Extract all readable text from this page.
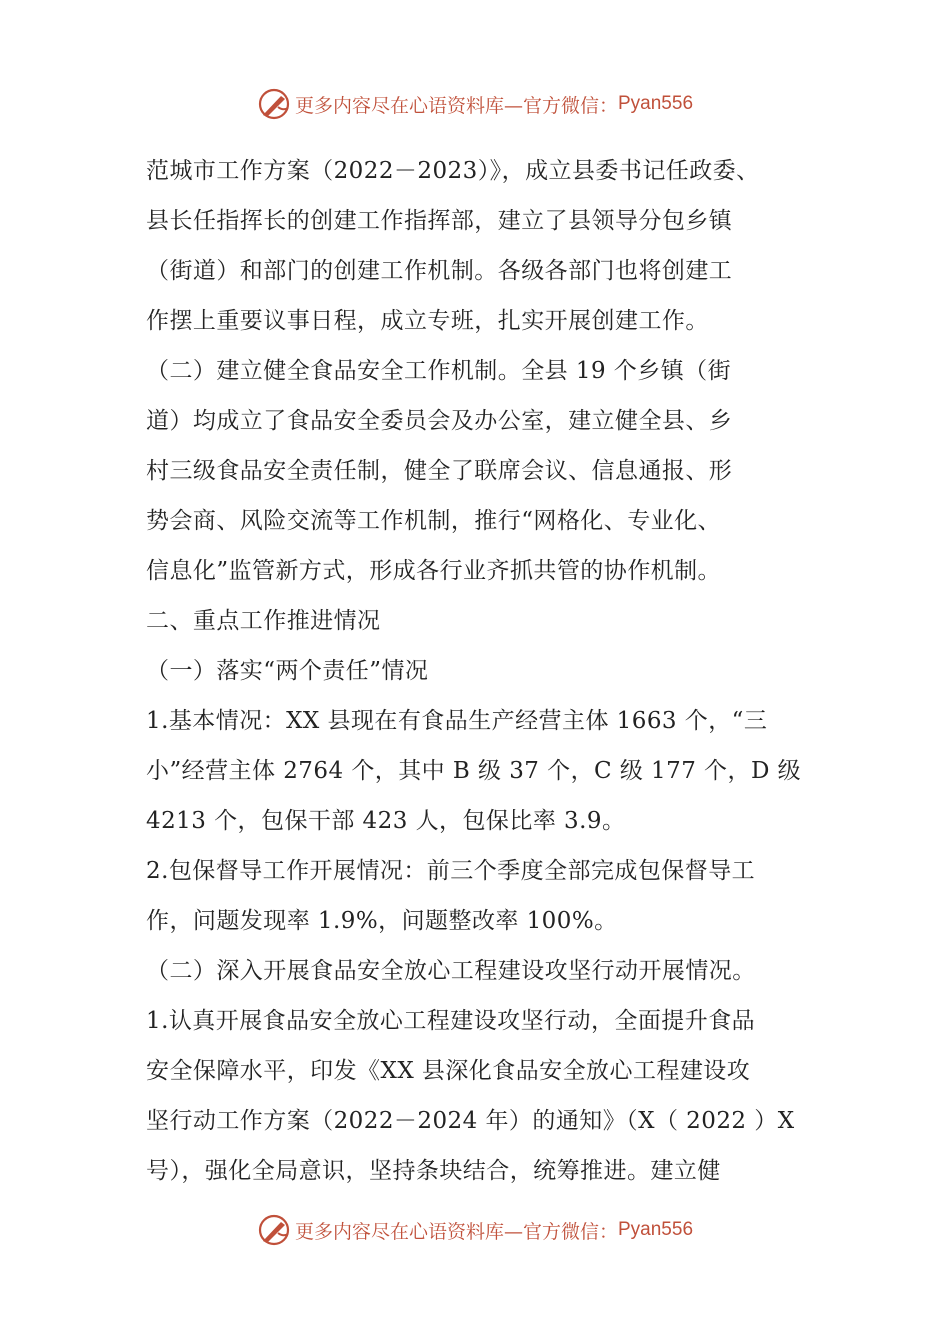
更多内容尽在心语资料库—官方微信： Pyan556
范城市工作方案（2022－2023）》，成立县委书记任政委、
县长任指挥长的创建工作指挥部，建立了县领导分包乡镇
（街道）和部门的创建工作机制。各级各部门也将创建工
作摆上重要议事日程，成立专班，扎实开展创建工作。
（二）建立健全食品安全工作机制。全县 19 个乡镇（街
道）均成立了食品安全委员会及办公室，建立健全县、乡
村三级食品安全责任制，健全了联席会议、信息通报、形
势会商、风险交流等工作机制，推行“网格化、专业化、
信息化”监管新方式，形成各行业齐抓共管的协作机制。
二、重点工作推进情况
（一）落实“两个责任”情况
1.基本情况：XX 县现在有食品生产经营主体 1663 个，“三
小”经营主体 2764 个，其中 B 级 37 个，C 级 177 个，D 级
4213 个，包保干部 423 人，包保比率 3.9。
2.包保督导工作开展情况：前三个季度全部完成包保督导工
作，问题发现率 1.9%，问题整改率 100%。
（二）深入开展食品安全放心工程建设攻坚行动开展情况。
1.认真开展食品安全放心工程建设攻坚行动，全面提升食品
安全保障水平，印发《XX 县深化食品安全放心工程建设攻
坚行动工作方案（2022－2024 年）的通知》（X（ 2022 ）X
号），强化全局意识，坚持条块结合，统筹推进。建立健
更多内容尽在心语资料库—官方微信： Pyan556
